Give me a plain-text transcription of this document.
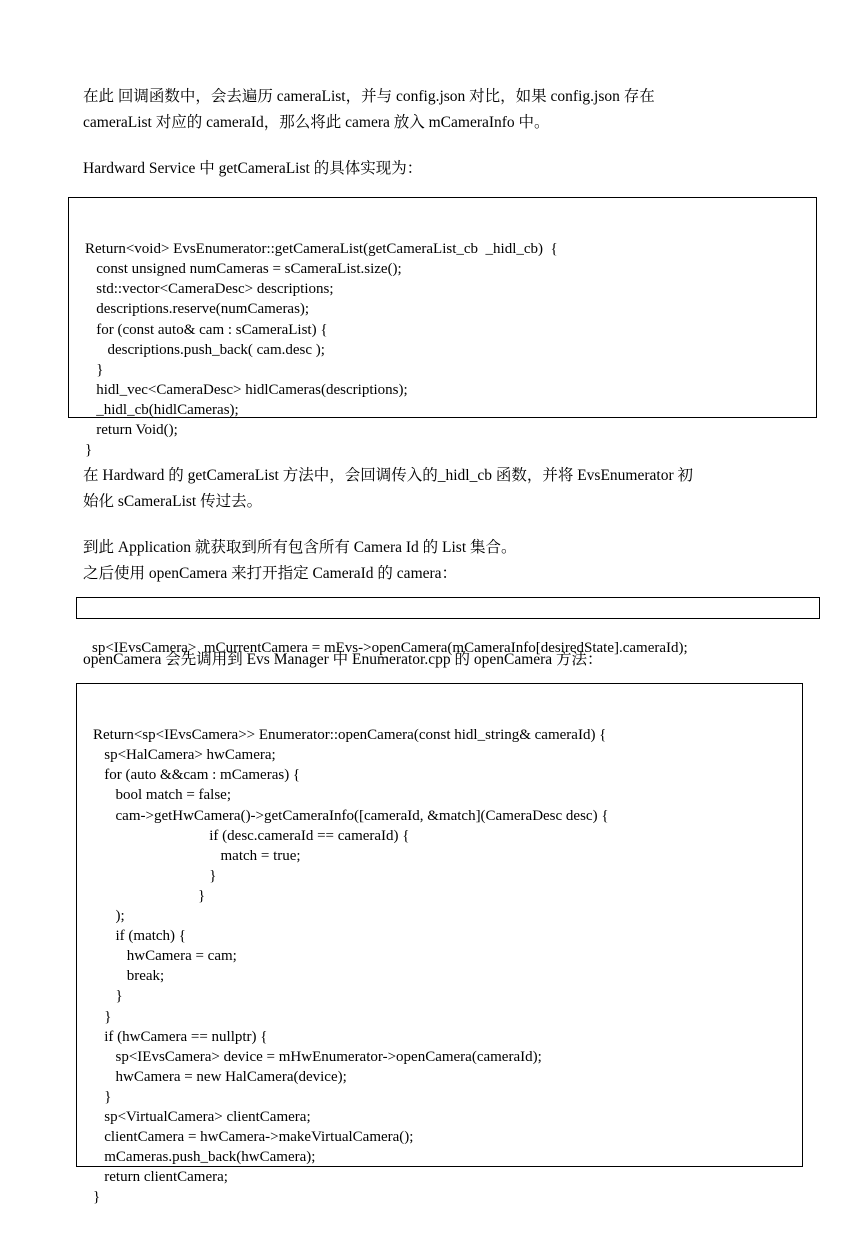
在此 回调函数中，会去遍历 cameraList，并与 config.json 对比，如果 config.json 存在
cameraList 对应的 cameraId，那么将此 camera 放入 mCameraInfo 中。
Hardward Service 中 getCameraList 的具体实现为：

Return<void> EvsEnumerator::getCameraList(getCameraList_cb  _hidl_cb)  {
const unsigned numCameras = sCameraList.size();
std::vector<CameraDesc> descriptions;
descriptions.reserve(numCameras);
for (const auto& cam : sCameraList) {
descriptions.push_back( cam.desc );
}
hidl_vec<CameraDesc> hidlCameras(descriptions);
_hidl_cb(hidlCameras);
return Void();
}

在 Hardward 的 getCameraList 方法中，会回调传入的_hidl_cb 函数，并将 EvsEnumerator 初
始化 sCameraList 传过去。
到此 Application 就获取到所有包含所有 Camera Id 的 List 集合。
之后使用 openCamera 来打开指定 CameraId 的 camera：

sp<IEvsCamera>  mCurrentCamera = mEvs->openCamera(mCameraInfo[desiredState].cameraId);

openCamera 会先调用到 Evs Manager 中 Enumerator.cpp 的 openCamera 方法：

Return<sp<IEvsCamera>> Enumerator::openCamera(const hidl_string& cameraId) {
sp<HalCamera> hwCamera;
for (auto &&cam : mCameras) {
bool match = false;
cam->getHwCamera()->getCameraInfo([cameraId, &match](CameraDesc desc) {
if (desc.cameraId == cameraId) {
match = true;
}
}
);
if (match) {
hwCamera = cam;
break;
}
}
if (hwCamera == nullptr) {
sp<IEvsCamera> device = mHwEnumerator->openCamera(cameraId);
hwCamera = new HalCamera(device);
}
sp<VirtualCamera> clientCamera;
clientCamera = hwCamera->makeVirtualCamera();
mCameras.push_back(hwCamera);
return clientCamera;
}
